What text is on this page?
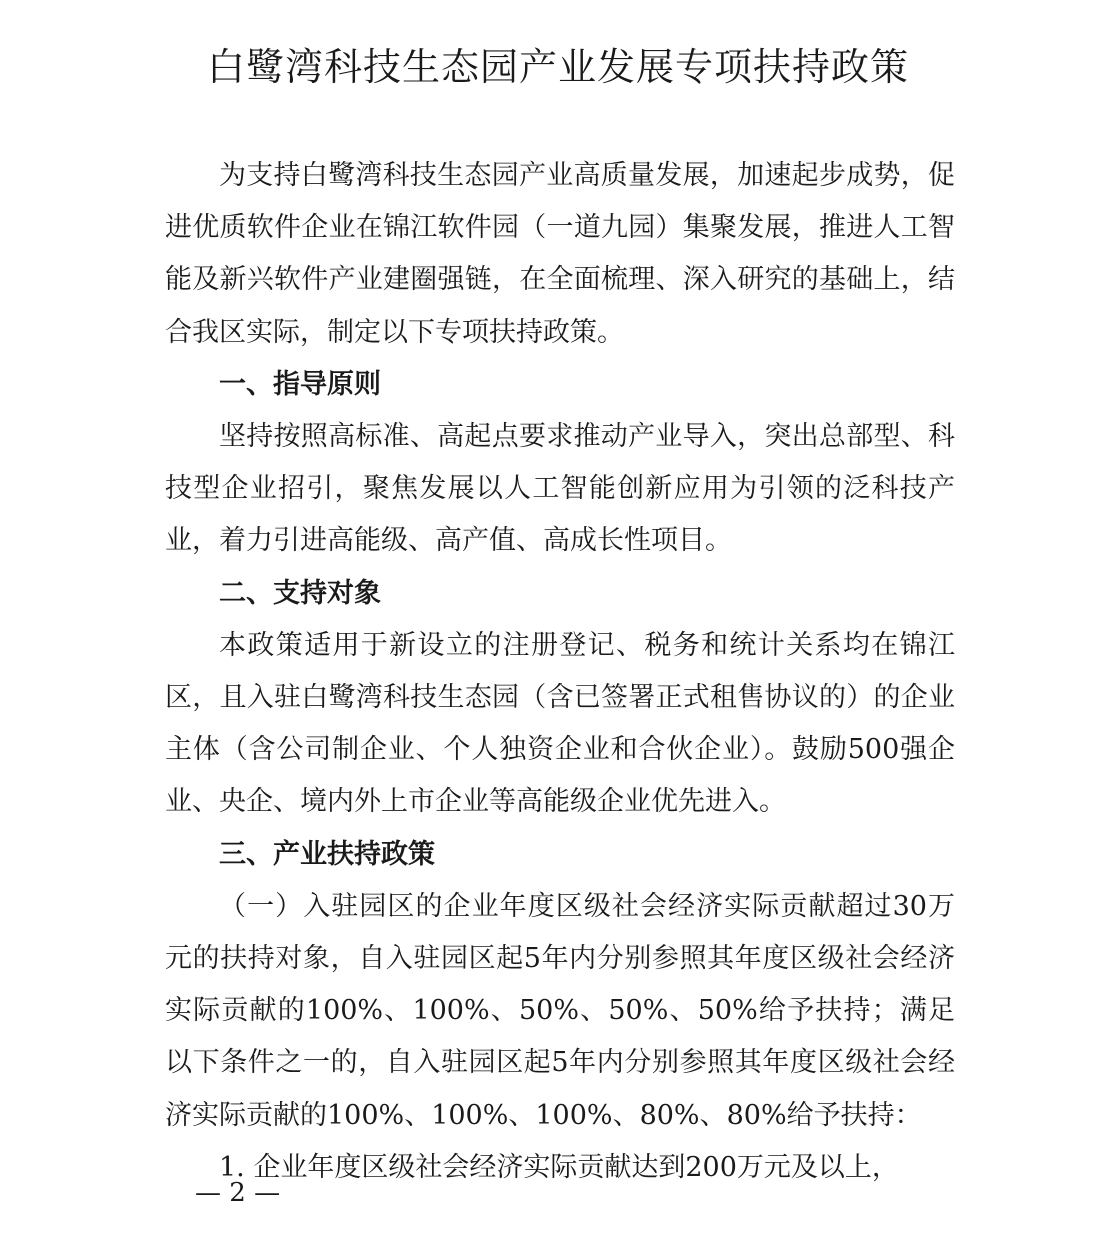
白鹭湾科技生态园产业发展专项扶持政策

为支持白鹭湾科技生态园产业高质量发展，加速起步成势，促进优质软件企业在锦江软件园（一道九园）集聚发展，推进人工智能及新兴软件产业建圈强链，在全面梳理、深入研究的基础上，结合我区实际，制定以下专项扶持政策。

一、指导原则

坚持按照高标准、高起点要求推动产业导入，突出总部型、科技型企业招引，聚焦发展以人工智能创新应用为引领的泛科技产业，着力引进高能级、高产值、高成长性项目。

二、支持对象

本政策适用于新设立的注册登记、税务和统计关系均在锦江区，且入驻白鹭湾科技生态园（含已签署正式租售协议的）的企业主体（含公司制企业、个人独资企业和合伙企业）。鼓励500强企业、央企、境内外上市企业等高能级企业优先进入。

三、产业扶持政策

（一）入驻园区的企业年度区级社会经济实际贡献超过30万元的扶持对象，自入驻园区起5年内分别参照其年度区级社会经济实际贡献的100%、100%、50%、50%、50%给予扶持；满足以下条件之一的，自入驻园区起5年内分别参照其年度区级社会经济实际贡献的100%、100%、100%、80%、80%给予扶持：

1. 企业年度区级社会经济实际贡献达到200万元及以上，

— 2 —
